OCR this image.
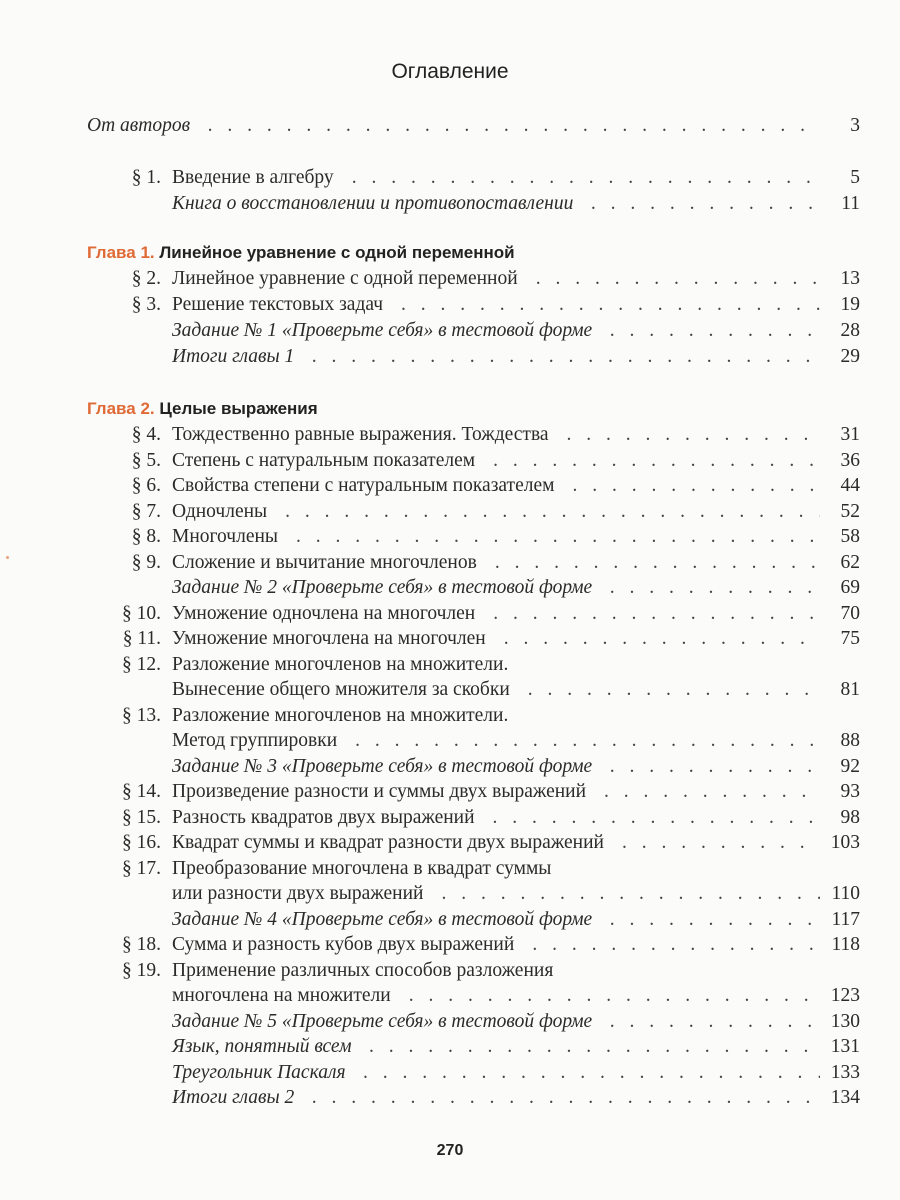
Оглавление
От авторов . . .	3
§ 1. Введение в алгебру . . .	5
Книга о восстановлении и противопоставлении . . .	11
Глава 1. Линейное уравнение с одной переменной
§ 2. Линейное уравнение с одной переменной . . .	13
§ 3. Решение текстовых задач . . .	19
Задание № 1 «Проверьте себя» в тестовой форме . . .	28
Итоги главы 1 . . .	29
Глава 2. Целые выражения
§ 4. Тождественно равные выражения. Тождества . . .	31
§ 5. Степень с натуральным показателем . . .	36
§ 6. Свойства степени с натуральным показателем . . .	44
§ 7. Одночлены . . .	52
§ 8. Многочлены . . .	58
§ 9. Сложение и вычитание многочленов . . .	62
Задание № 2 «Проверьте себя» в тестовой форме . . .	69
§ 10. Умножение одночлена на многочлен . . .	70
§ 11. Умножение многочлена на многочлен . . .	75
§ 12. Разложение многочленов на множители.
Вынесение общего множителя за скобки . . .	81
§ 13. Разложение многочленов на множители.
Метод группировки . . .	88
Задание № 3 «Проверьте себя» в тестовой форме . . .	92
§ 14. Произведение разности и суммы двух выражений . . .	93
§ 15. Разность квадратов двух выражений . . .	98
§ 16. Квадрат суммы и квадрат разности двух выражений . . .	103
§ 17. Преобразование многочлена в квадрат суммы
или разности двух выражений . . .	110
Задание № 4 «Проверьте себя» в тестовой форме . . .	117
§ 18. Сумма и разность кубов двух выражений . . .	118
§ 19. Применение различных способов разложения
многочлена на множители . . .	123
Задание № 5 «Проверьте себя» в тестовой форме . . .	130
Язык, понятный всем . . .	131
Треугольник Паскаля . . .	133
Итоги главы 2 . . .	134
270
